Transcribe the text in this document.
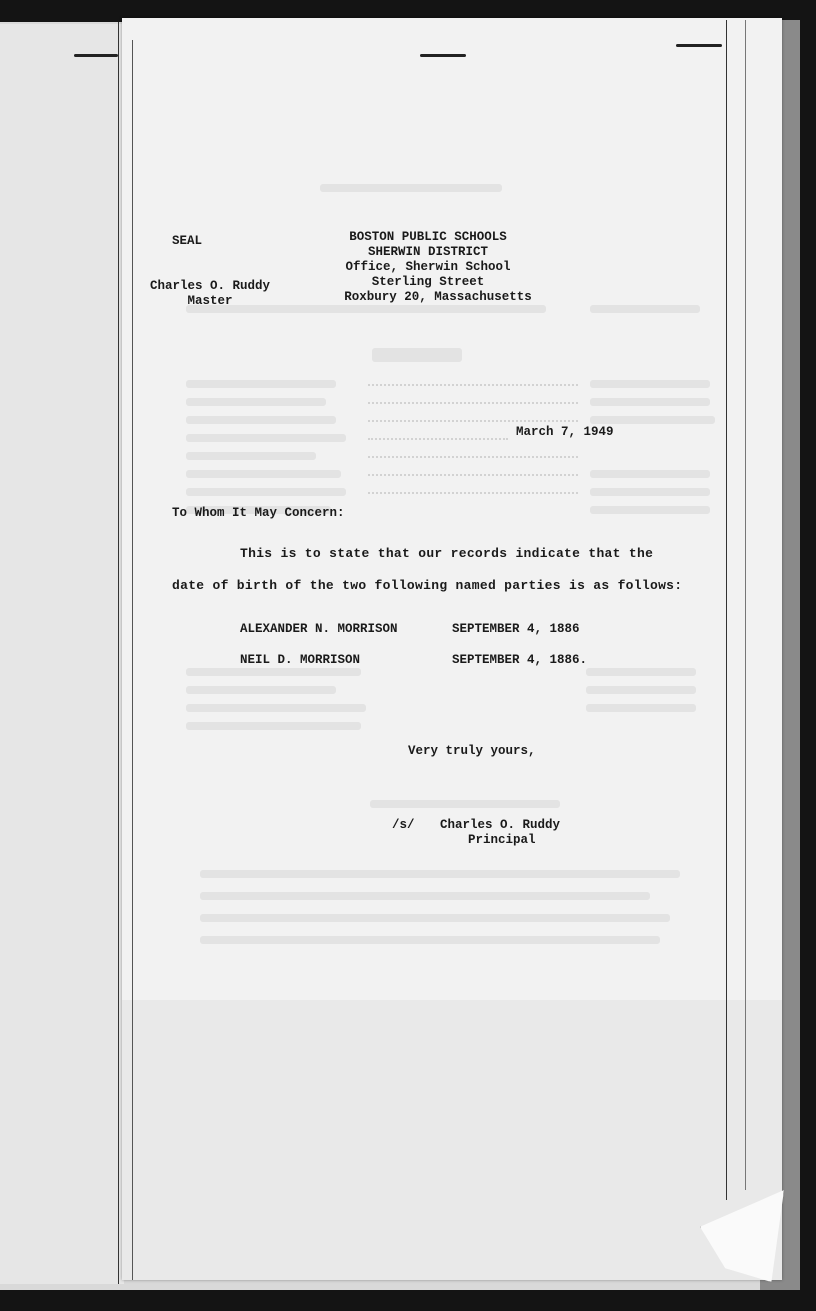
SEAL	BOSTON PUBLIC SCHOOLS
SHERWIN DISTRICT
Office, Sherwin School
Sterling Street
Roxbury 20, Massachusetts
Charles O. Ruddy
Master
March 7, 1949
To Whom It May Concern:
This is to state that our records indicate that the
date of birth of the two following named parties is as follows:
ALEXANDER N. MORRISON	SEPTEMBER 4, 1886
NEIL D. MORRISON	SEPTEMBER 4, 1886.
Very truly yours,
/s/ Charles O. Ruddy
Principal
